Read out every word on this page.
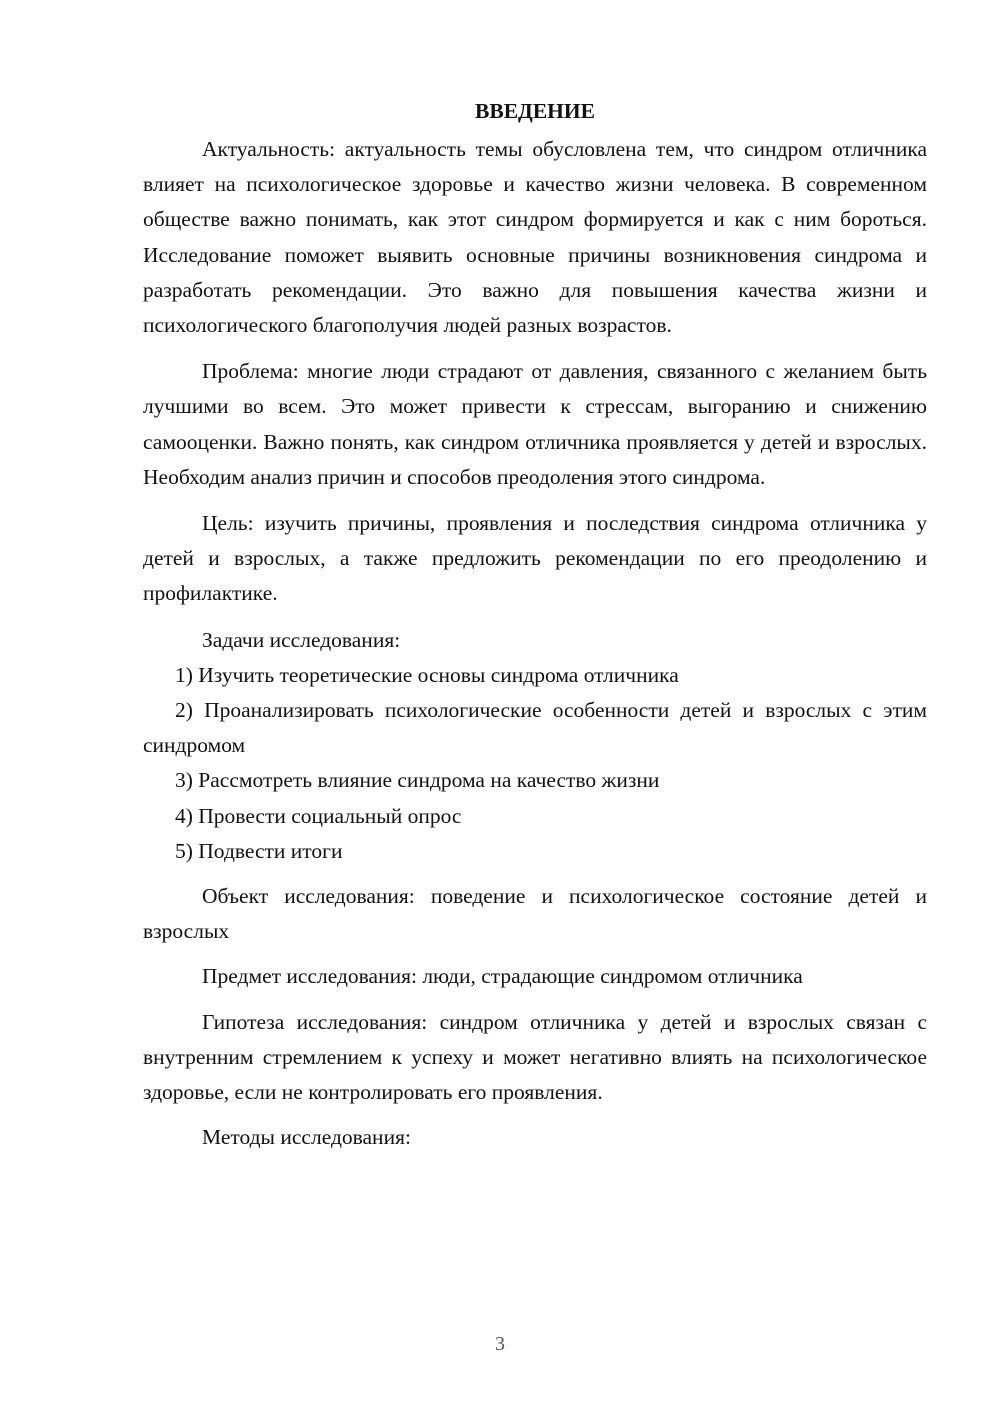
ВВЕДЕНИЕ

Актуальность: актуальность темы обусловлена тем, что синдром отличника влияет на психологическое здоровье и качество жизни человека. В современном обществе важно понимать, как этот синдром формируется и как с ним бороться. Исследование поможет выявить основные причины возникновения синдрома и разработать рекомендации. Это важно для повышения качества жизни и психологического благополучия людей разных возрастов.

Проблема: многие люди страдают от давления, связанного с желанием быть лучшими во всем. Это может привести к стрессам, выгоранию и снижению самооценки. Важно понять, как синдром отличника проявляется у детей и взрослых. Необходим анализ причин и способов преодоления этого синдрома.

Цель: изучить причины, проявления и последствия синдрома отличника у детей и взрослых, а также предложить рекомендации по его преодолению и профилактике.

Задачи исследования:

1) Изучить теоретические основы синдрома отличника

2) Проанализировать психологические особенности детей и взрослых с этим синдромом

3) Рассмотреть влияние синдрома на качество жизни

4) Провести социальный опрос

5) Подвести итоги

Объект исследования: поведение и психологическое состояние детей и взрослых

Предмет исследования: люди, страдающие синдромом отличника

Гипотеза исследования: синдром отличника у детей и взрослых связан с внутренним стремлением к успеху и может негативно влиять на психологическое здоровье, если не контролировать его проявления.

Методы исследования:

3
